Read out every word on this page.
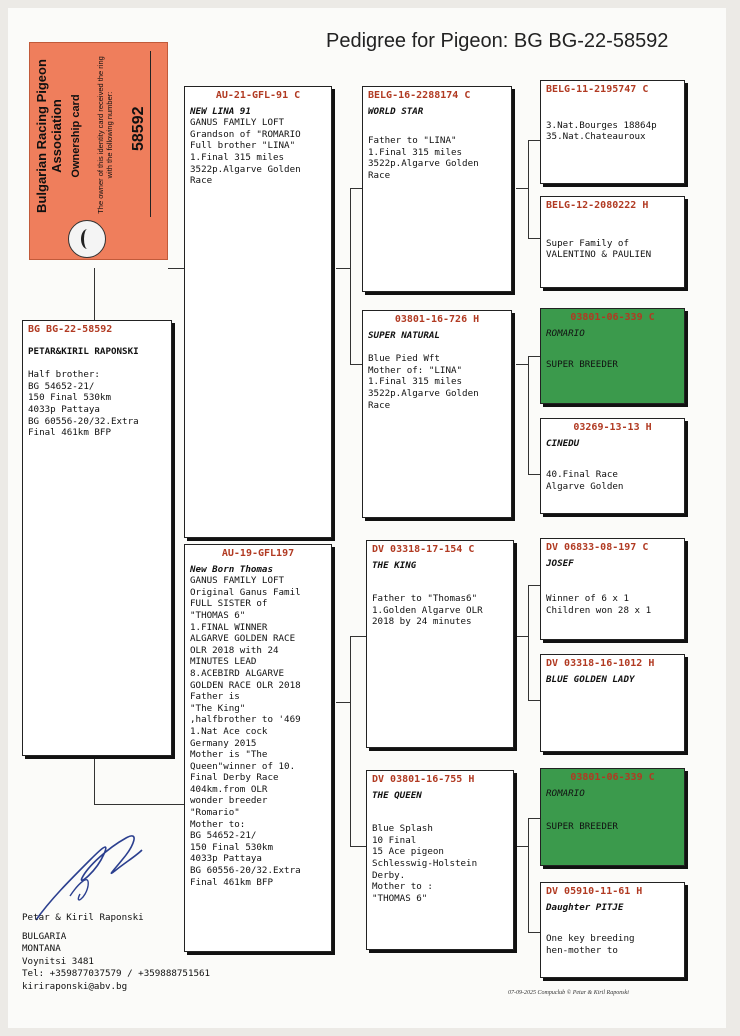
Pedigree for Pigeon: BG BG-22-58592
Bulgarian Racing Pigeon Association Ownership card The owner of this identity card received the ring with the following number: 58592
BG BG-22-58592
PETAR&KIRIL RAPONSKI
Half brother:
BG 54652-21/
150 Final 530km
4033p Pattaya
BG 60556-20/32.Extra
Final 461km BFP
AU-21-GFL-91 C
NEW LINA 91
GANUS FAMILY LOFT
Grandson of "ROMARIO
Full brother "LINA"
1.Final 315 miles
3522p.Algarve Golden
Race
AU-19-GFL197
New Born Thomas
GANUS FAMILY LOFT
Original Ganus Famil
FULL SISTER of
"THOMAS 6"
1.FINAL WINNER
ALGARVE GOLDEN RACE
OLR 2018 with 24
MINUTES LEAD
8.ACEBIRD ALGARVE
GOLDEN RACE OLR 2018
Father is
"The King"
,halfbrother to '469
1.Nat Ace cock
Germany 2015
Mother is "The
Queen"winner of 10.
Final Derby Race
404km.from OLR
wonder breeder
"Romario"
Mother to:
BG 54652-21/
150 Final 530km
4033p Pattaya
BG 60556-20/32.Extra
Final 461km BFP
BELG-16-2288174 C
WORLD STAR
Father to "LINA"
1.Final 315 miles
3522p.Algarve Golden
Race
03801-16-726 H
SUPER NATURAL
Blue Pied Wft
Mother of: "LINA"
1.Final 315 miles
3522p.Algarve Golden
Race
DV 03318-17-154 C
THE KING
Father to "Thomas6"
1.Golden Algarve OLR
2018 by 24 minutes
DV 03801-16-755 H
THE QUEEN
Blue Splash
10 Final
15 Ace pigeon
Schlesswig-Holstein
Derby.
Mother to :
"THOMAS 6"
BELG-11-2195747 C
3.Nat.Bourges 18864p
35.Nat.Chateauroux
BELG-12-2080222 H
Super Family of
VALENTINO & PAULIEN
03801-06-339 C
ROMARIO
SUPER BREEDER
03269-13-13 H
CINEDU
40.Final Race
Algarve Golden
DV 06833-08-197 C
JOSEF
Winner of 6 x 1
Children won 28 x 1
DV 03318-16-1012 H
BLUE GOLDEN LADY
03801-06-339 C
ROMARIO
SUPER BREEDER
DV 05910-11-61 H
Daughter PITJE
One key breeding
hen-mother to
Petar & Kiril Raponski
BULGARIA
MONTANA
Voynitsi 3481
Tel: +359877037579 / +359888751561
kiriraponski@abv.bg
07-09-2025 Compuclub © Petar & Kiril Raponski
